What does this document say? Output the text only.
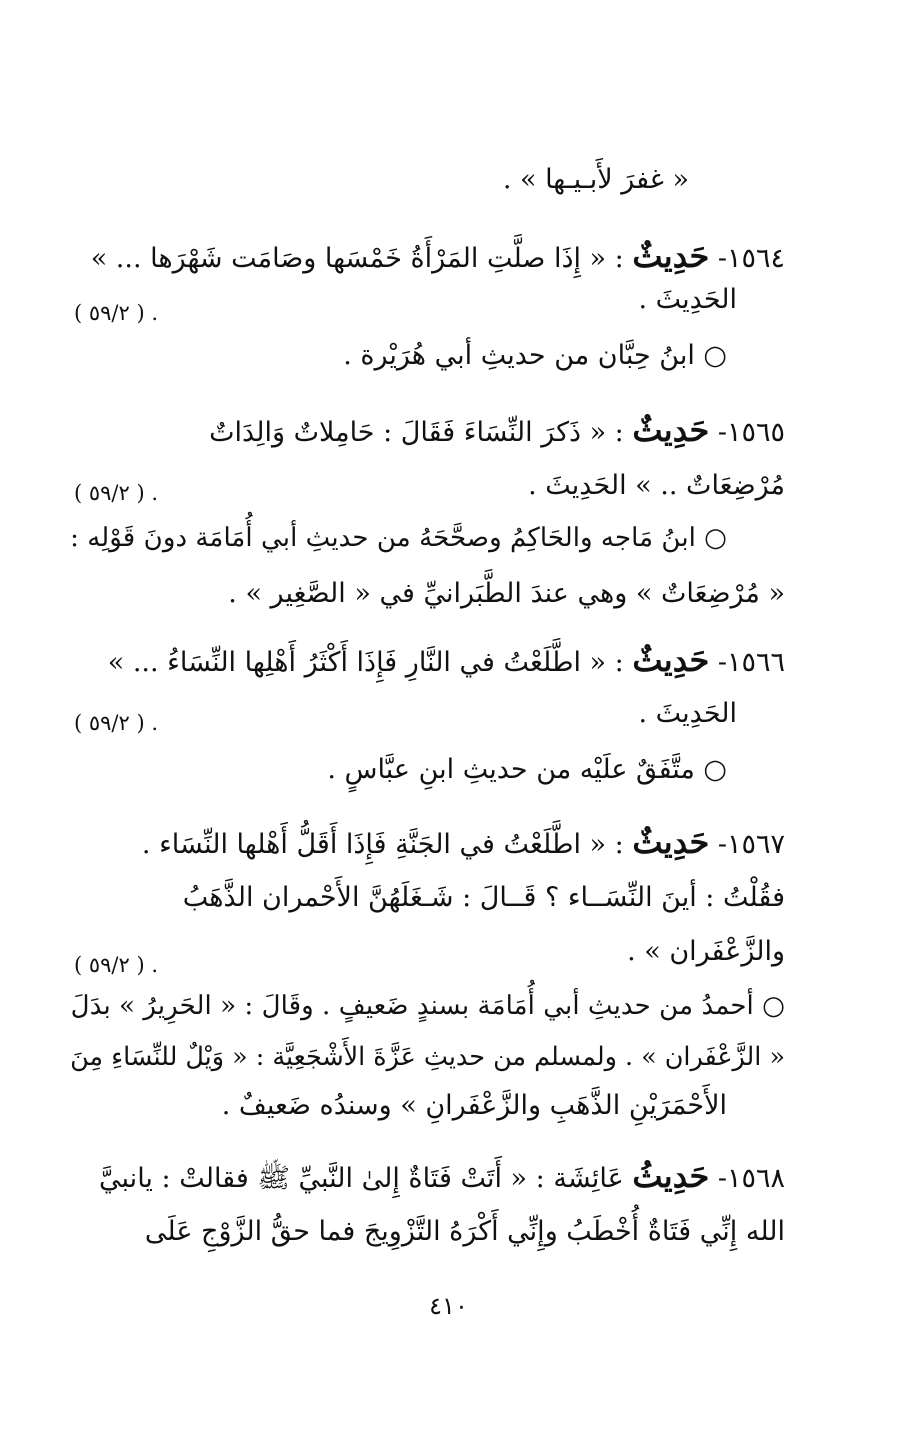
« غفرَ لأَبـيـها » .
١٥٦٤- حَدِيثٌ : « إِذَا صلَّتِ المَرْأَةُ خَمْسَها وصَامَت شَهْرَها ... »
الحَدِيثَ .
. ( ٥٩/٢ )
○ ابنُ حِبَّان من حديثِ أبي هُرَيْرة .
١٥٦٥- حَدِيثٌ : « ذَكرَ النِّسَاءَ فَقَالَ : حَامِلاتٌ وَالِدَاتٌ
مُرْضِعَاتٌ .. » الحَدِيثَ .
. ( ٥٩/٢ )
○ ابنُ مَاجه والحَاكِمُ وصحَّحَهُ من حديثِ أبي أُمَامَة دونَ قَوْلِه :
« مُرْضِعَاتٌ » وهي عندَ الطَّبَرانيِّ في « الصَّغِير » .
١٥٦٦- حَدِيثٌ : « اطَّلَعْتُ في النَّارِ فَإِذَا أَكْثَرُ أَهْلِها النِّسَاءُ ... »
الحَدِيثَ .
. ( ٥٩/٢ )
○ متَّفَقٌ علَيْه من حديثِ ابنِ عبَّاسٍ .
١٥٦٧- حَدِيثٌ : « اطَّلَعْتُ في الجَنَّةِ فَإِذَا أَقَلُّ أَهْلها النِّسَاء .
فقُلْتُ : أينَ النِّسَــاء ؟ قَــالَ : شَـغَلَهُنَّ الأَحْمران الذَّهَبُ
والزَّعْفَران » .
. ( ٥٩/٢ )
○ أحمدُ من حديثِ أبي أُمَامَة بسندٍ ضَعيفٍ . وقَالَ : « الحَرِيرُ » بدَلَ
« الزَّعْفَران » . ولمسلم من حديثِ عَزَّةَ الأَشْجَعِيَّة : « وَيْلٌ للنِّسَاءِ مِنَ
الأَحْمَرَيْنِ الذَّهَبِ والزَّعْفَرانِ » وسندُه ضَعيفٌ .
١٥٦٨- حَدِيثُ عَائِشَة : « أَتَتْ فَتَاةٌ إِلىٰ النَّبيِّ ﷺ فقالتْ : يانبيَّ
الله إِنِّي فَتَاةٌ أُخْطَبُ وإِنِّي أَكْرَهُ التَّزْوِيجَ فما حقُّ الزَّوْجِ عَلَى
٤١٠
